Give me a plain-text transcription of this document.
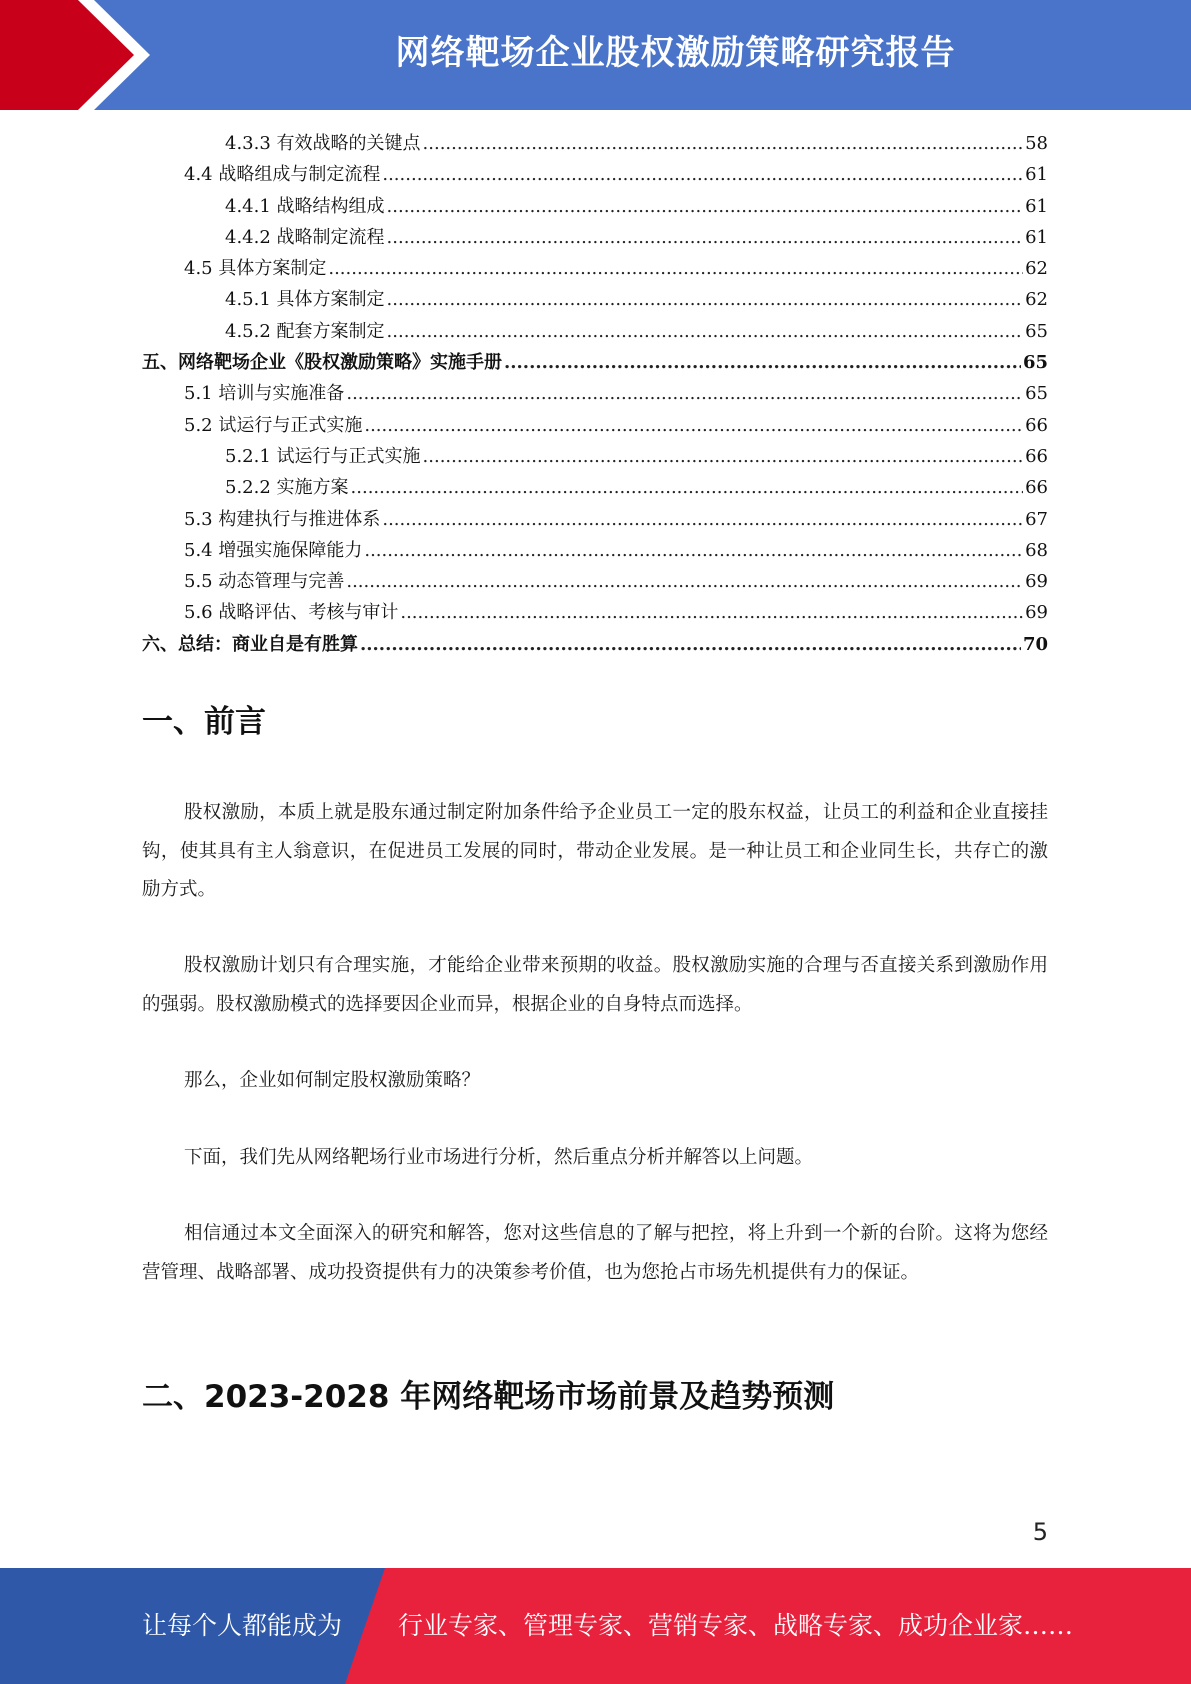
网络靶场企业股权激励策略研究报告
4.3.3 有效战略的关键点 .....	58
4.4 战略组成与制定流程 .....	61
4.4.1 战略结构组成 .....	61
4.4.2 战略制定流程 .....	61
4.5 具体方案制定 .....	62
4.5.1 具体方案制定 .....	62
4.5.2 配套方案制定 .....	65
五、网络靶场企业《股权激励策略》实施手册 .....	65
5.1 培训与实施准备 .....	65
5.2 试运行与正式实施 .....	66
5.2.1 试运行与正式实施 .....	66
5.2.2 实施方案 .....	66
5.3 构建执行与推进体系 .....	67
5.4 增强实施保障能力 .....	68
5.5 动态管理与完善 .....	69
5.6 战略评估、考核与审计 .....	69
六、总结：商业自是有胜算 .....	70
一、前言

股权激励，本质上就是股东通过制定附加条件给予企业员工一定的股东权益，让员工的利益和企业直接挂钩，使其具有主人翁意识，在促进员工发展的同时，带动企业发展。是一种让员工和企业同生长，共存亡的激励方式。

股权激励计划只有合理实施，才能给企业带来预期的收益。股权激励实施的合理与否直接关系到激励作用的强弱。股权激励模式的选择要因企业而异，根据企业的自身特点而选择。

那么，企业如何制定股权激励策略？

下面，我们先从网络靶场行业市场进行分析，然后重点分析并解答以上问题。

相信通过本文全面深入的研究和解答，您对这些信息的了解与把控，将上升到一个新的台阶。这将为您经营管理、战略部署、成功投资提供有力的决策参考价值，也为您抢占市场先机提供有力的保证。

二、2023-2028 年网络靶场市场前景及趋势预测
5
让每个人都能成为 行业专家、管理专家、营销专家、战略专家、成功企业家……
